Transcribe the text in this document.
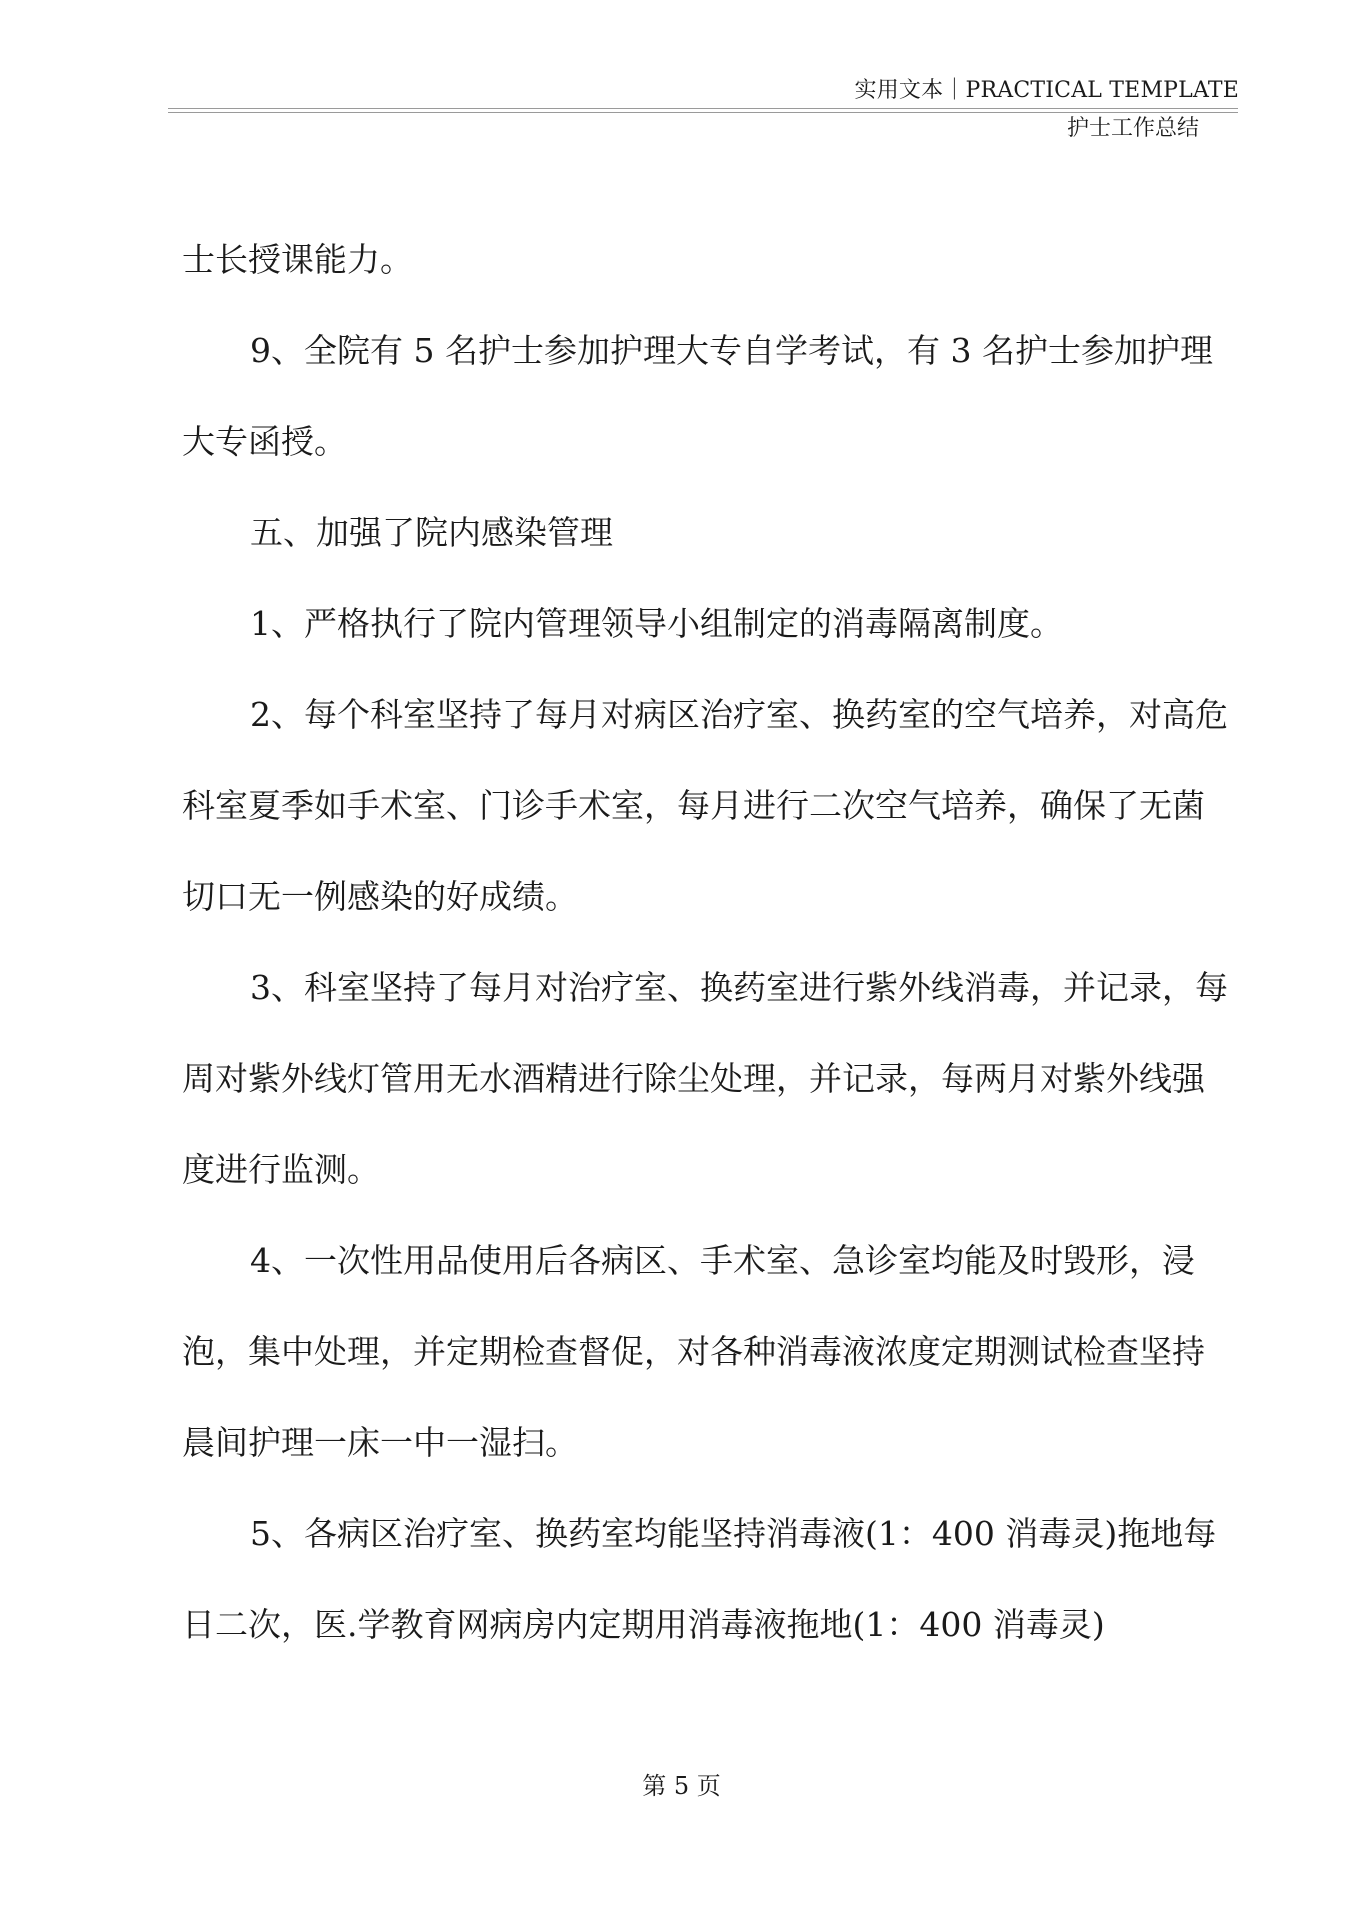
实用文本｜PRACTICAL TEMPLATE
护士工作总结

士长授课能力。

9、全院有 5 名护士参加护理大专自学考试，有 3 名护士参加护理大专函授。

五、加强了院内感染管理

1、严格执行了院内管理领导小组制定的消毒隔离制度。

2、每个科室坚持了每月对病区治疗室、换药室的空气培养，对高危科室夏季如手术室、门诊手术室，每月进行二次空气培养，确保了无菌切口无一例感染的好成绩。

3、科室坚持了每月对治疗室、换药室进行紫外线消毒，并记录，每周对紫外线灯管用无水酒精进行除尘处理，并记录，每两月对紫外线强度进行监测。

4、一次性用品使用后各病区、手术室、急诊室均能及时毁形，浸泡，集中处理，并定期检查督促，对各种消毒液浓度定期测试检查坚持晨间护理一床一中一湿扫。

5、各病区治疗室、换药室均能坚持消毒液(1：400 消毒灵)拖地每日二次，医.学教育网病房内定期用消毒液拖地(1：400 消毒灵)

第 5 页
